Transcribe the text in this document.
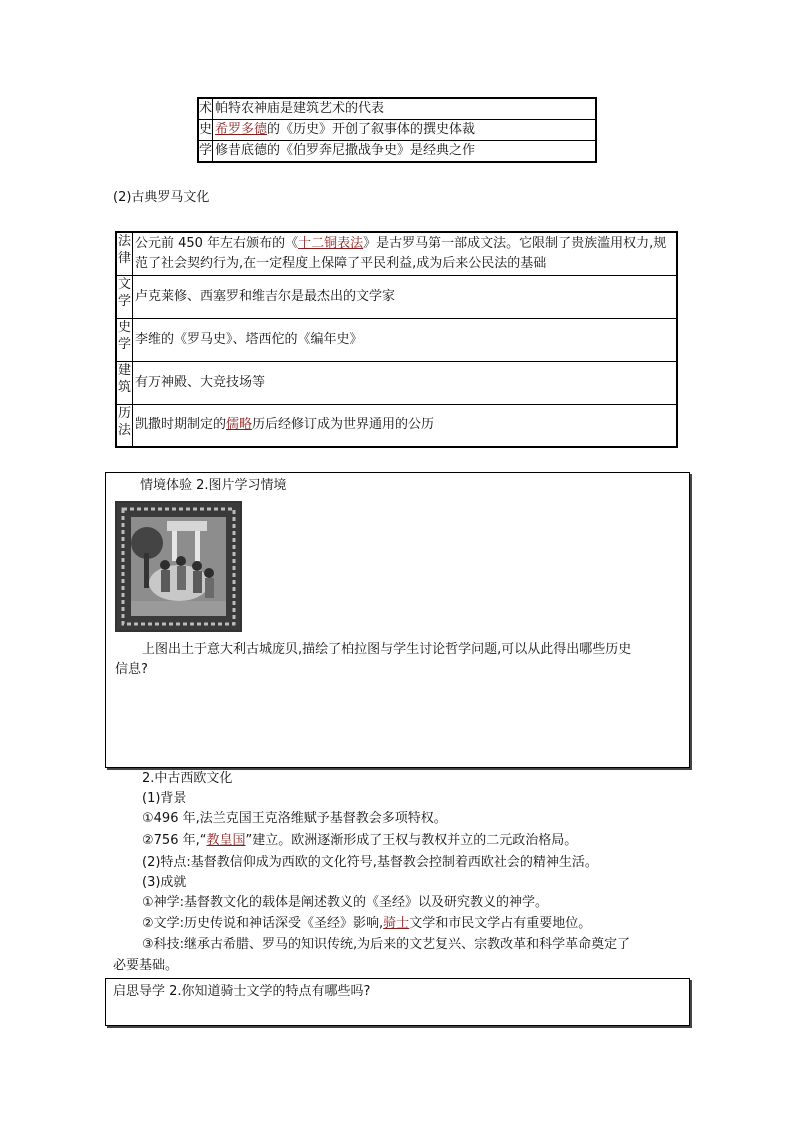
术	帕特农神庙是建筑艺术的代表
史	希罗多德的《历史》开创了叙事体的撰史体裁
学	修昔底德的《伯罗奔尼撒战争史》是经典之作
(2)古典罗马文化
法律	公元前 450 年左右颁布的《十二铜表法》是古罗马第一部成文法。它限制了贵族滥用权力,规范了社会契约行为,在一定程度上保障了平民利益,成为后来公民法的基础
文学	卢克莱修、西塞罗和维吉尔是最杰出的文学家
史学	李维的《罗马史》、塔西佗的《编年史》
建筑	有万神殿、大竞技场等
历法	凯撒时期制定的儒略历后经修订成为世界通用的公历
情境体验 2.图片学习情境
上图出土于意大利古城庞贝,描绘了柏拉图与学生讨论哲学问题,可以从此得出哪些历史
信息?
2.中古西欧文化
(1)背景
①496 年,法兰克国王克洛维赋予基督教会多项特权。
②756 年,“教皇国”建立。欧洲逐渐形成了王权与教权并立的二元政治格局。
(2)特点:基督教信仰成为西欧的文化符号,基督教会控制着西欧社会的精神生活。
(3)成就
①神学:基督教文化的载体是阐述教义的《圣经》以及研究教义的神学。
②文学:历史传说和神话深受《圣经》影响,骑士文学和市民文学占有重要地位。
③科技:继承古希腊、罗马的知识传统,为后来的文艺复兴、宗教改革和科学革命奠定了
必要基础。
启思导学 2.你知道骑士文学的特点有哪些吗?
